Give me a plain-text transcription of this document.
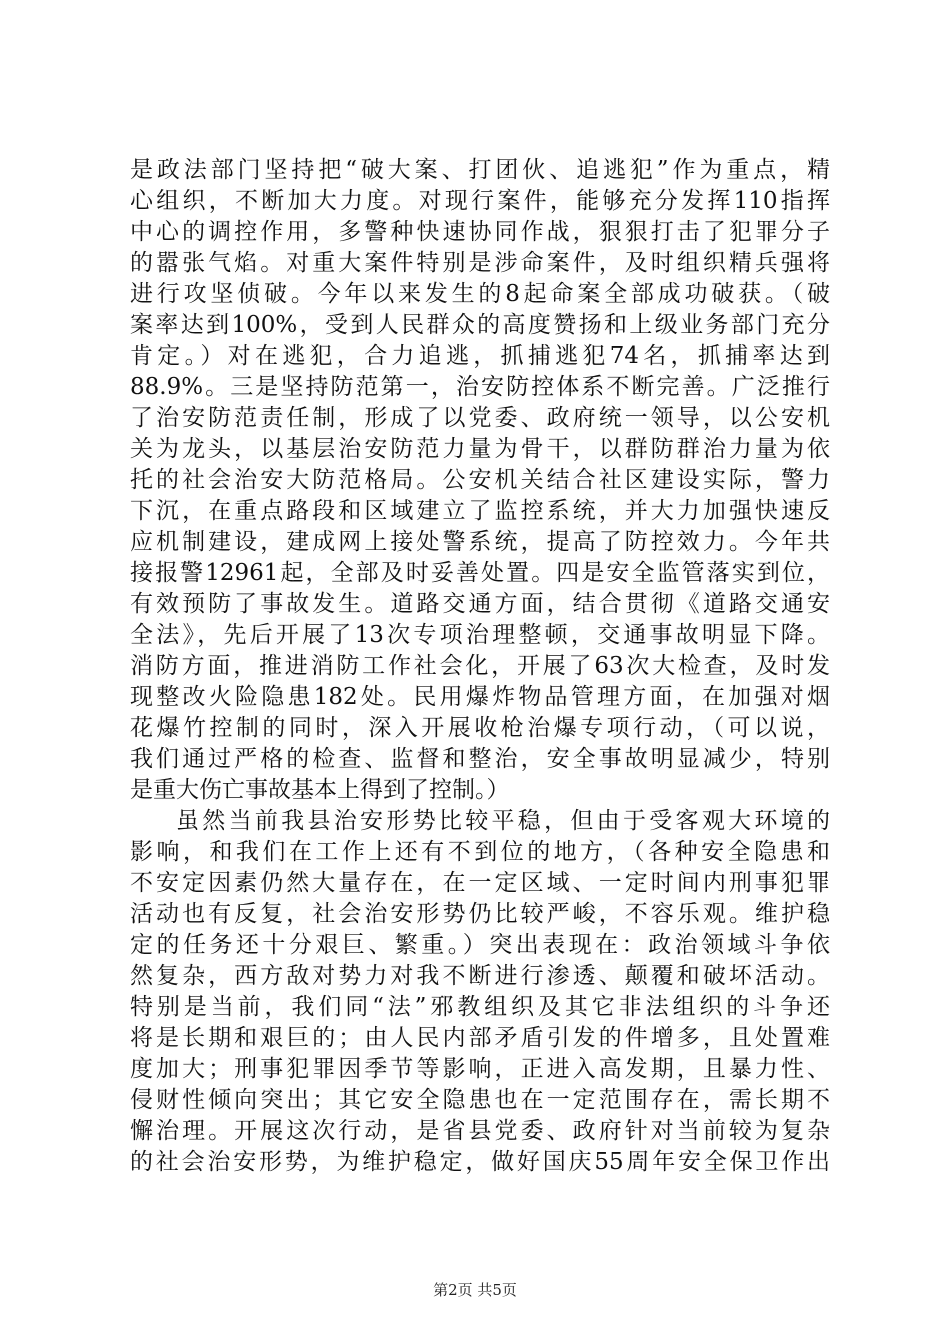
是政法部门坚持把“破大案、打团伙、追逃犯”作为重点，精
心组织，不断加大力度。对现行案件，能够充分发挥110指挥
中心的调控作用，多警种快速协同作战，狠狠打击了犯罪分子
的嚣张气焰。对重大案件特别是涉命案件，及时组织精兵强将
进行攻坚侦破。今年以来发生的8起命案全部成功破获。（破
案率达到100%，受到人民群众的高度赞扬和上级业务部门充分
肯定。）对在逃犯，合力追逃，抓捕逃犯74名，抓捕率达到
88.9%。三是坚持防范第一，治安防控体系不断完善。广泛推行
了治安防范责任制，形成了以党委、政府统一领导，以公安机
关为龙头，以基层治安防范力量为骨干，以群防群治力量为依
托的社会治安大防范格局。公安机关结合社区建设实际，警力
下沉，在重点路段和区域建立了监控系统，并大力加强快速反
应机制建设，建成网上接处警系统，提高了防控效力。今年共
接报警12961起，全部及时妥善处置。四是安全监管落实到位，
有效预防了事故发生。道路交通方面，结合贯彻《道路交通安
全法》，先后开展了13次专项治理整顿，交通事故明显下降。
消防方面，推进消防工作社会化，开展了63次大检查，及时发
现整改火险隐患182处。民用爆炸物品管理方面，在加强对烟
花爆竹控制的同时，深入开展收枪治爆专项行动，（可以说，
我们通过严格的检查、监督和整治，安全事故明显减少，特别
是重大伤亡事故基本上得到了控制。）
虽然当前我县治安形势比较平稳，但由于受客观大环境的
影响，和我们在工作上还有不到位的地方，（各种安全隐患和
不安定因素仍然大量存在，在一定区域、一定时间内刑事犯罪
活动也有反复，社会治安形势仍比较严峻，不容乐观。维护稳
定的任务还十分艰巨、繁重。）突出表现在：政治领域斗争依
然复杂，西方敌对势力对我不断进行渗透、颠覆和破坏活动。
特别是当前，我们同“法”邪教组织及其它非法组织的斗争还
将是长期和艰巨的；由人民内部矛盾引发的件增多，且处置难
度加大；刑事犯罪因季节等影响，正进入高发期，且暴力性、
侵财性倾向突出；其它安全隐患也在一定范围存在，需长期不
懈治理。开展这次行动，是省县党委、政府针对当前较为复杂
的社会治安形势，为维护稳定，做好国庆55周年安全保卫作出
第2页 共5页
